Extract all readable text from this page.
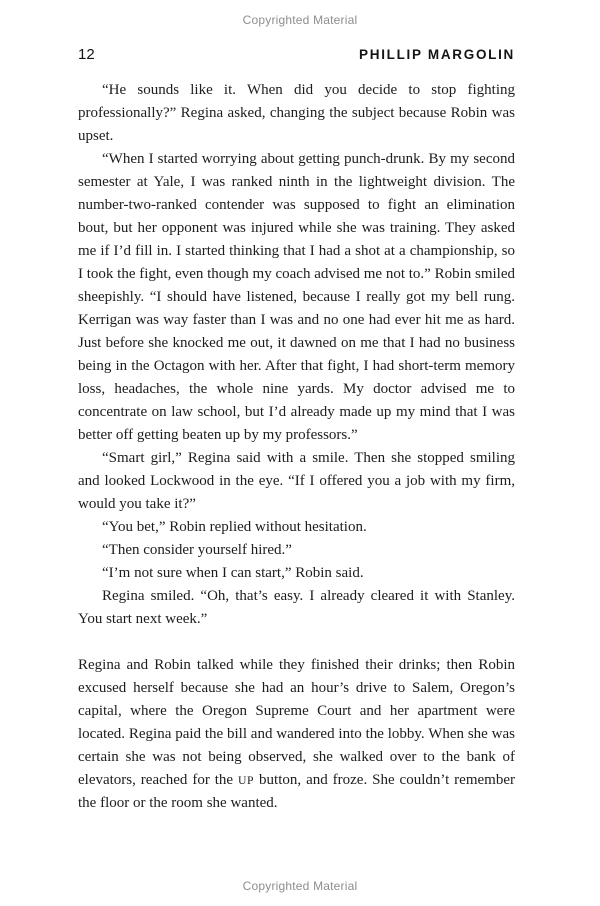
Copyrighted Material
12	PHILLIP MARGOLIN

“He sounds like it. When did you decide to stop fighting professionally?” Regina asked, changing the subject because Robin was upset.

“When I started worrying about getting punch-drunk. By my second semester at Yale, I was ranked ninth in the lightweight division. The number-two-ranked contender was supposed to fight an elimination bout, but her opponent was injured while she was training. They asked me if I’d fill in. I started thinking that I had a shot at a championship, so I took the fight, even though my coach advised me not to.” Robin smiled sheepishly. “I should have listened, because I really got my bell rung. Kerrigan was way faster than I was and no one had ever hit me as hard. Just before she knocked me out, it dawned on me that I had no business being in the Octagon with her. After that fight, I had short-term memory loss, headaches, the whole nine yards. My doctor advised me to concentrate on law school, but I’d already made up my mind that I was better off getting beaten up by my professors.”

“Smart girl,” Regina said with a smile. Then she stopped smiling and looked Lockwood in the eye. “If I offered you a job with my firm, would you take it?”

“You bet,” Robin replied without hesitation.

“Then consider yourself hired.”

“I’m not sure when I can start,” Robin said.

Regina smiled. “Oh, that’s easy. I already cleared it with Stanley. You start next week.”

Regina and Robin talked while they finished their drinks; then Robin excused herself because she had an hour’s drive to Salem, Oregon’s capital, where the Oregon Supreme Court and her apartment were located. Regina paid the bill and wandered into the lobby. When she was certain she was not being observed, she walked over to the bank of elevators, reached for the UP button, and froze. She couldn’t remember the floor or the room she wanted.

Copyrighted Material
